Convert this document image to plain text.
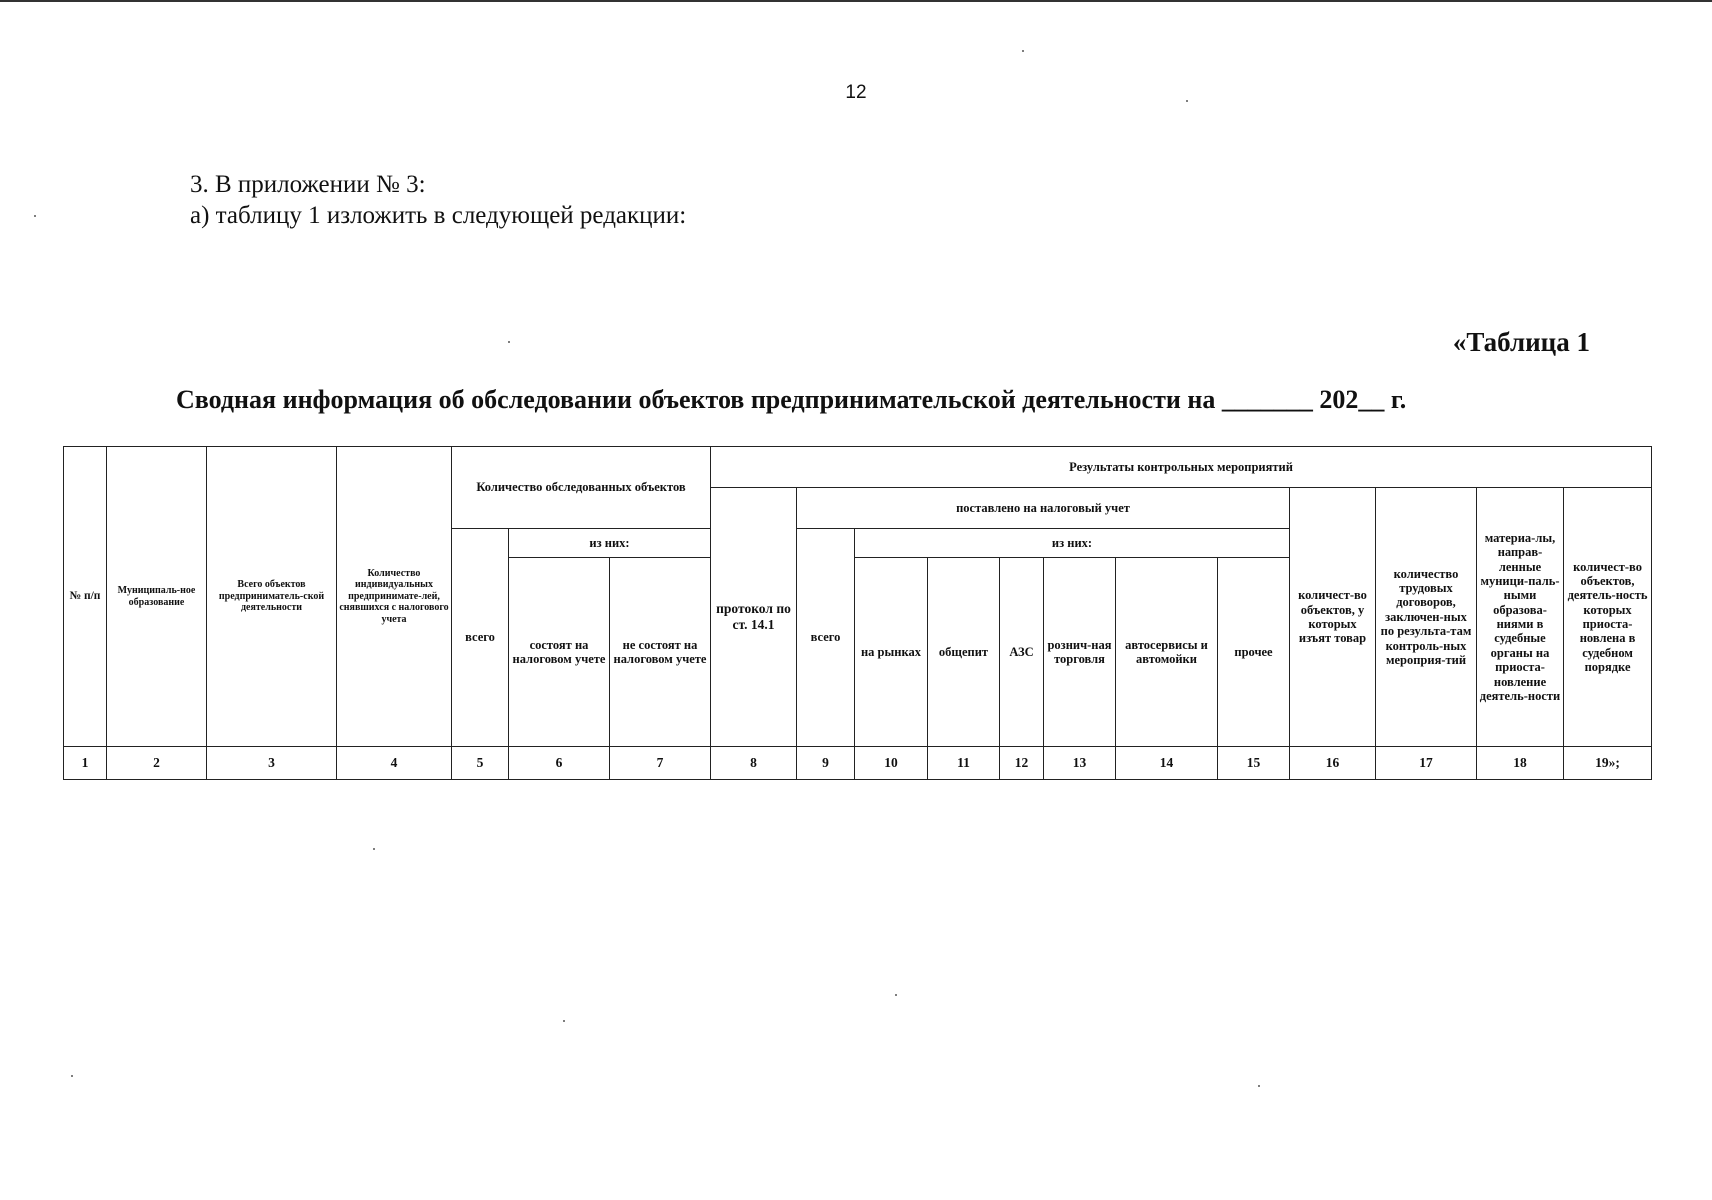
12
3. В приложении № 3:
а) таблицу 1 изложить в следующей редакции:
«Таблица 1
Сводная информация об обследовании объектов предпринимательской деятельности на _______ 202__ г.
№ п/п	Муниципаль-ное образование	Всего объектов предприниматель-ской деятельности	Количество индивидуальных предпринимате-лей, снявшихся с налогового учета	Количество обследованных объектов			Результаты контрольных мероприятий											
							протокол по ст. 14.1	поставлено на налоговый учет							количест-во объектов, у которых изъят товар	количество трудовых договоров, заключен-ных по результа-там контроль-ных мероприя-тий	материа-лы, направ-ленные муници-паль-ными образова-ниями в судебные органы на приоста-новление деятель-ности	количест-во объектов, деятель-ность которых приоста-новлена в судебном порядке
				всего	из них:			всего	из них:									
					состоят на налоговом учете	не состоят на налоговом учете			на рынках	общепит	АЗС	рознич-ная торговля	автосервисы и автомойки	прочее				
1	2	3	4	5	6	7	8	9	10	11	12	13	14	15	16	17	18	19»;
